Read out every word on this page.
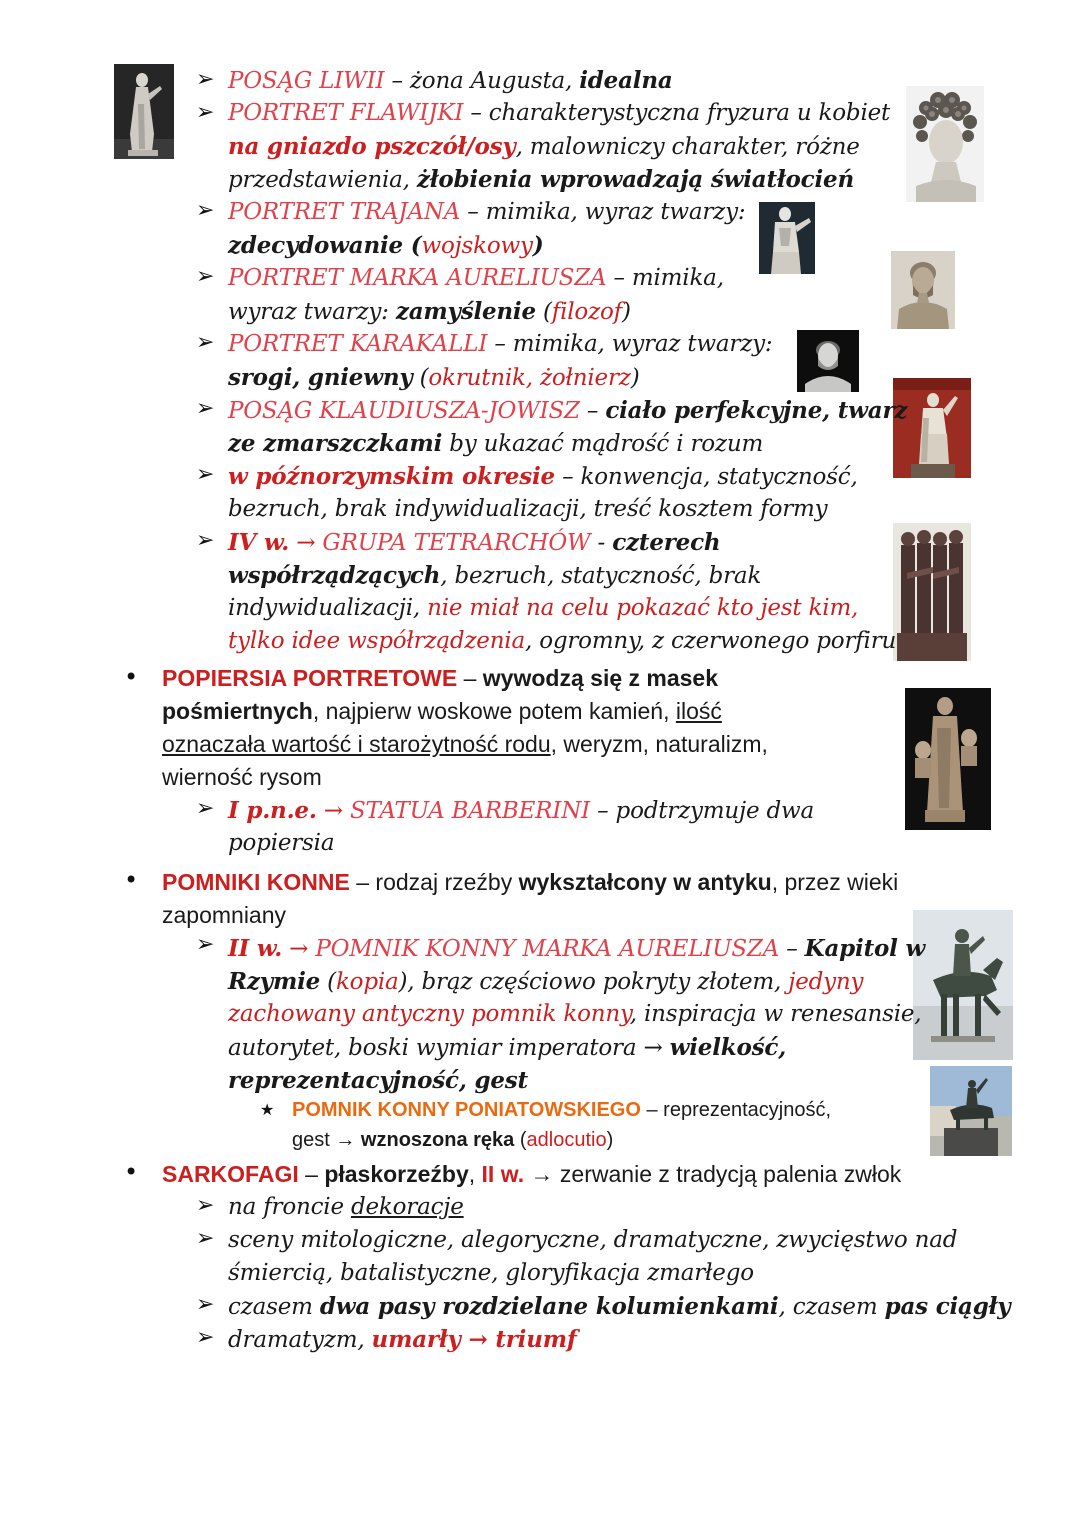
➢
➢
➢
➢
➢
➢
➢
➢
•
➢
•
➢
★
•
➢
➢
➢
➢
POSĄG LIWII – żona Augusta, idealna
PORTRET FLAWIJKI – charakterystyczna fryzura u kobiet
na gniazdo pszczół/osy, malowniczy charakter, różne
przedstawienia, żłobienia wprowadzają światłocień
PORTRET TRAJANA – mimika, wyraz twarzy:
zdecydowanie (wojskowy)
PORTRET MARKA AURELIUSZA – mimika,
wyraz twarzy: zamyślenie (filozof)
PORTRET KARAKALLI – mimika, wyraz twarzy:
srogi, gniewny (okrutnik, żołnierz)
POSĄG KLAUDIUSZA-JOWISZ – ciało perfekcyjne, twarz
ze zmarszczkami by ukazać mądrość i rozum
w późnorzymskim okresie – konwencja, statyczność,
bezruch, brak indywidualizacji, treść kosztem formy
IV w. → GRUPA TETRARCHÓW - czterech
współrządzących, bezruch, statyczność, brak
indywidualizacji, nie miał na celu pokazać kto jest kim,
tylko idee współrządzenia, ogromny, z czerwonego porfiru
POPIERSIA PORTRETOWE – wywodzą się z masek
pośmiertnych, najpierw woskowe potem kamień, ilość
oznaczała wartość i starożytność rodu, weryzm, naturalizm,
wierność rysom
I p.n.e. → STATUA BARBERINI – podtrzymuje dwa
popiersia
POMNIKI KONNE – rodzaj rzeźby wykształcony w antyku, przez wieki
zapomniany
II w. → POMNIK KONNY MARKA AURELIUSZA – Kapitol w
Rzymie (kopia), brąz częściowo pokryty złotem, jedyny
zachowany antyczny pomnik konny, inspiracja w renesansie,
autorytet, boski wymiar imperatora → wielkość,
reprezentacyjność, gest
POMNIK KONNY PONIATOWSKIEGO – reprezentacyjność,
gest → wznoszona ręka (adlocutio)
SARKOFAGI – płaskorzeźby, II w. → zerwanie z tradycją palenia zwłok
na froncie dekoracje
sceny mitologiczne, alegoryczne, dramatyczne, zwycięstwo nad
śmiercią, batalistyczne, gloryfikacja zmarłego
czasem dwa pasy rozdzielane kolumienkami, czasem pas ciągły
dramatyzm, umarły → triumf
